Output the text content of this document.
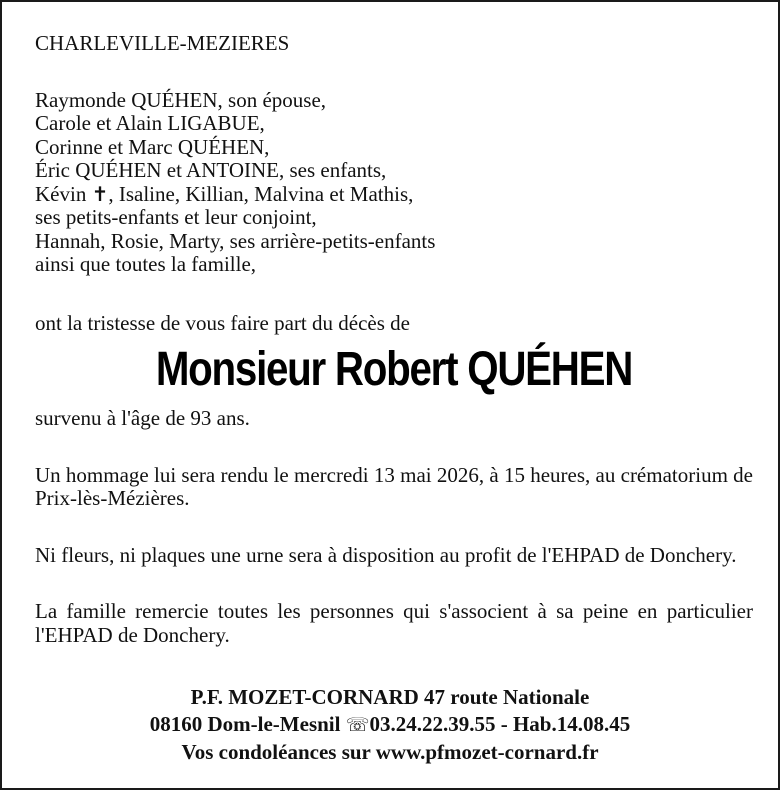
CHARLEVILLE-MEZIERES
Raymonde QUÉHEN, son épouse,
Carole et Alain LIGABUE,
Corinne et Marc QUÉHEN,
Éric QUÉHEN et ANTOINE, ses enfants,
Kévin ✝, Isaline, Killian, Malvina et Mathis,
ses petits-enfants et leur conjoint,
Hannah, Rosie, Marty, ses arrière-petits-enfants
ainsi que toutes la famille,
ont la tristesse de vous faire part du décès de
Monsieur Robert QUÉHEN
survenu à l'âge de 93 ans.
Un hommage lui sera rendu le mercredi 13 mai 2026, à 15 heures, au crématorium de Prix-lès-Mézières.
Ni fleurs, ni plaques une urne sera à disposition au profit de l'EHPAD de Donchery.
La famille remercie toutes les personnes qui s'associent à sa peine en particulier l'EHPAD de Donchery.
P.F. MOZET-CORNARD 47 route Nationale
08160 Dom-le-Mesnil ☏03.24.22.39.55 - Hab.14.08.45
Vos condoléances sur www.pfmozet-cornard.fr
